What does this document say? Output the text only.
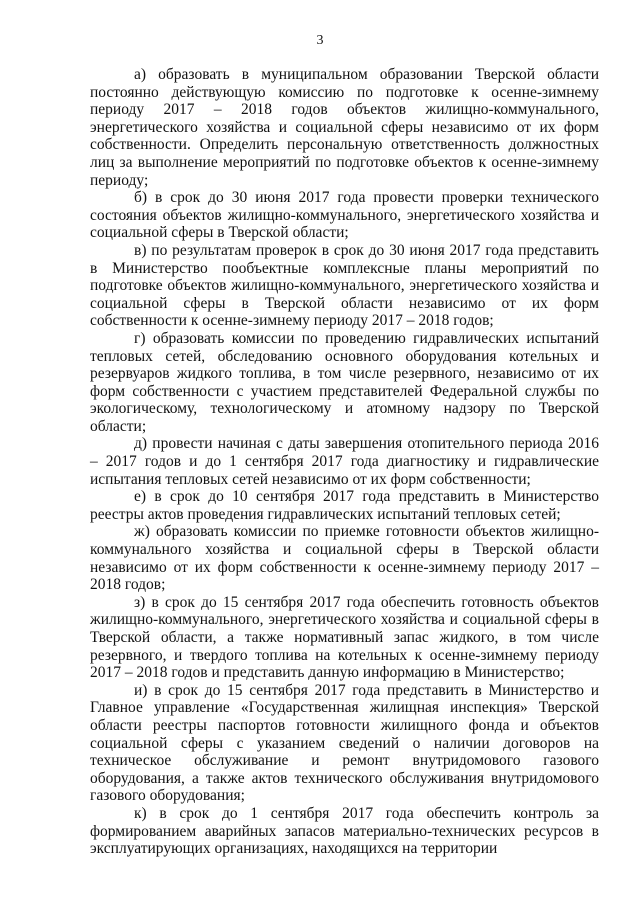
3

а) образовать в муниципальном образовании Тверской области постоянно действующую комиссию по подготовке к осенне-зимнему периоду 2017 – 2018 годов объектов жилищно-коммунального, энергетического хозяйства и социальной сферы независимо от их форм собственности. Определить персональную ответственность должностных лиц за выполнение мероприятий по подготовке объектов к осенне-зимнему периоду;

б) в срок до 30 июня 2017 года провести проверки технического состояния объектов жилищно-коммунального, энергетического хозяйства и социальной сферы в Тверской области;

в) по результатам проверок в срок до 30 июня 2017 года представить в Министерство пообъектные комплексные планы мероприятий по подготовке объектов жилищно-коммунального, энергетического хозяйства и социальной сферы в Тверской области независимо от их форм собственности к осенне-зимнему периоду 2017 – 2018 годов;

г) образовать комиссии по проведению гидравлических испытаний тепловых сетей, обследованию основного оборудования котельных и резервуаров жидкого топлива, в том числе резервного, независимо от их форм собственности с участием представителей Федеральной службы по экологическому, технологическому и атомному надзору по Тверской области;

д) провести начиная с даты завершения отопительного периода 2016 – 2017 годов и до 1 сентября 2017 года диагностику и гидравлические испытания тепловых сетей независимо от их форм собственности;

е) в срок до 10 сентября 2017 года представить в Министерство реестры актов проведения гидравлических испытаний тепловых сетей;

ж) образовать комиссии по приемке готовности объектов жилищно-коммунального хозяйства и социальной сферы в Тверской области независимо от их форм собственности к осенне-зимнему периоду 2017 – 2018 годов;

з) в срок до 15 сентября 2017 года обеспечить готовность объектов жилищно-коммунального, энергетического хозяйства и социальной сферы в Тверской области, а также нормативный запас жидкого, в том числе резервного, и твердого топлива на котельных к осенне-зимнему периоду 2017 – 2018 годов и представить данную информацию в Министерство;

и) в срок до 15 сентября 2017 года представить в Министерство и Главное управление «Государственная жилищная инспекция» Тверской области реестры паспортов готовности жилищного фонда и объектов социальной сферы с указанием сведений о наличии договоров на техническое обслуживание и ремонт внутридомового газового оборудования, а также актов технического обслуживания внутридомового газового оборудования;

к) в срок до 1 сентября 2017 года обеспечить контроль за формированием аварийных запасов материально-технических ресурсов в эксплуатирующих организациях, находящихся на территории
